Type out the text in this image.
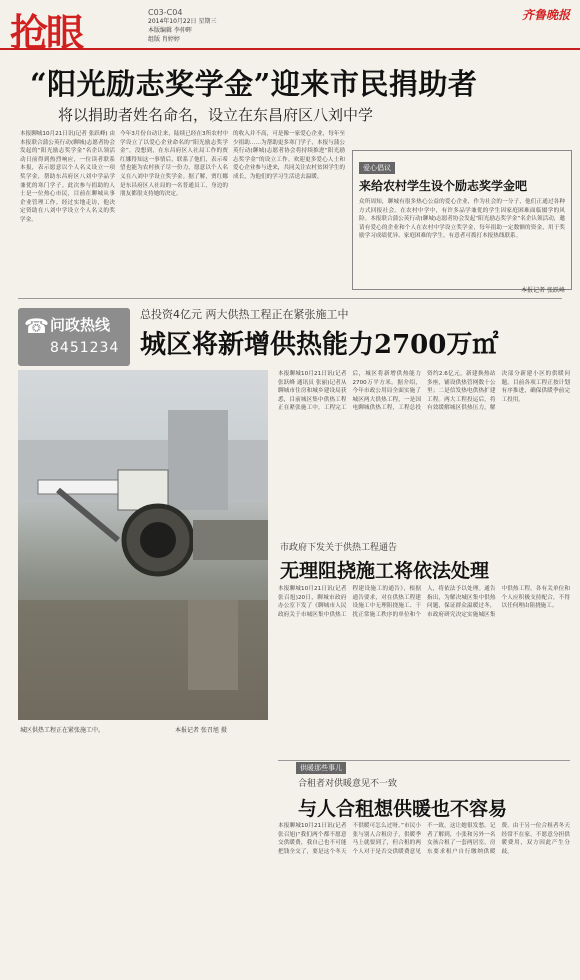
抢眼	C03-C04
2014年10月22日 星期三
本版编辑 李仲晖
组版 肖婷婷
齐鲁晚报
“阳光励志奖学金”迎来市民捐助者
将以捐助者姓名命名，设立在东昌府区八刘中学
本报聊城10月21日讯(记者 张跃峰) 由本报联合蒲公英行动(聊城)志愿者协会发起的“阳光励志奖学金”名企认领活动日前得到热烈响应，一位读者联系本报，表示愿意以个人名义设立一项奖学金，帮助东昌府区八刘中学品学兼优的寒门学子。此次参与捐助的人士是一位热心市民，目前在聊城从事企业管理工作。经过实地走访，他决定资助在八刘中学设立个人名义的奖学金。
今年3月份自动让来，陆续已经在3所农村中学设立了以爱心企业命名的“阳光励志奖学金”。没想到，在东昌府区人社局工作的贾红娜得知这一事情后，联系了他们，表示希望也能为农村孩子尽一份力，愿意以个人名义在八刘中学设立奖学金。据了解，贾红娜是东昌府区人社局的一名普通员工，身边的朋友都很支持她的决定。
的收入并不高，可是像一家爱心企业，每年至少捐助……为帮助更多寒门学子，本报与蒲公英行动(聊城)志愿者协会将持续推进“阳光励志奖学金”的设立工作。欢迎更多爱心人士和爱心企业参与进来，共同关注农村贫困学生的成长，为他们的学习生活送去温暖。
爱心倡议
来给农村学生设个励志奖学金吧
众所周知，聊城有很多热心公益的爱心企业，作为社会的一分子，他们正通过各种方式回报社会。在农村中学中，有许多品学兼优的学生因家庭困难面临辍学的风险。本报联合蒲公英行动(聊城)志愿者协会发起“阳光励志奖学金”名企认领活动，邀请有爱心的企业和个人在农村中学设立奖学金，每年捐助一定数额的资金，用于奖励学习成绩优异、家庭困难的学生。有意者可拨打本报热线联系。
本报记者 张跃峰
☎ 问政热线
8451234
总投资4亿元 两大供热工程正在紧张施工中
城区将新增供热能力2700万㎡
城区供热工程正在紧张施工中。	本报记者 张召旭 摄
本报聊城10月21日讯(记者 张跃峰 通讯员 张丽)记者从聊城市住房和城乡建设局获悉，目前城区集中供热工程正在紧张施工中，工程完工后，城区将新增供热能力2700万平方米。据介绍，今年市政公用局全面实施了城区两大供热工程，一是国电聊城供热工程，工程总投资约2.6亿元，新建换热站多座，铺设供热管网数十公里；二是信发热电供热扩建工程。两大工程投运后，将有效缓解城区供热压力，解决部分新建小区的供暖问题。目前各项工程正按计划有序推进，确保供暖季前完工投用。
市政府下发关于供热工程通告
无理阻挠施工将依法处理
本报聊城10月21日讯(记者 张召旭)20日，聊城市政府办公室下发了《聊城市人民政府关于市城区集中供热工程建设施工的通告》，根据通告要求，对在供热工程建设施工中无理阻挠施工、干扰正常施工秩序的单位和个人，将依法予以处理。通告指出，为解决城区集中供热问题，保证群众温暖过冬，市政府研究决定实施城区集中供热工程。各有关单位和个人应积极支持配合，不得以任何理由阻挠施工。
供暖那些事儿
合租者对供暖意见不一致
与人合租想供暖也不容易
本报聊城10月21日讯(记者 张召旭)“我们两个都不愿意交供暖费，我自己也不可能把钱全交了，要是这个冬天不供暖可怎么过呀。”市民小张与别人合租房子，供暖季马上就要到了，但合租的两个人对于是否交供暖费意见不一致，这让她很发愁。记者了解到，小张和另外一名女孩合租了一套两居室，房东要求租户自行缴纳供暖费。由于另一位合租者冬天经常不在家，不愿意分担供暖费用，双方因此产生分歧。
